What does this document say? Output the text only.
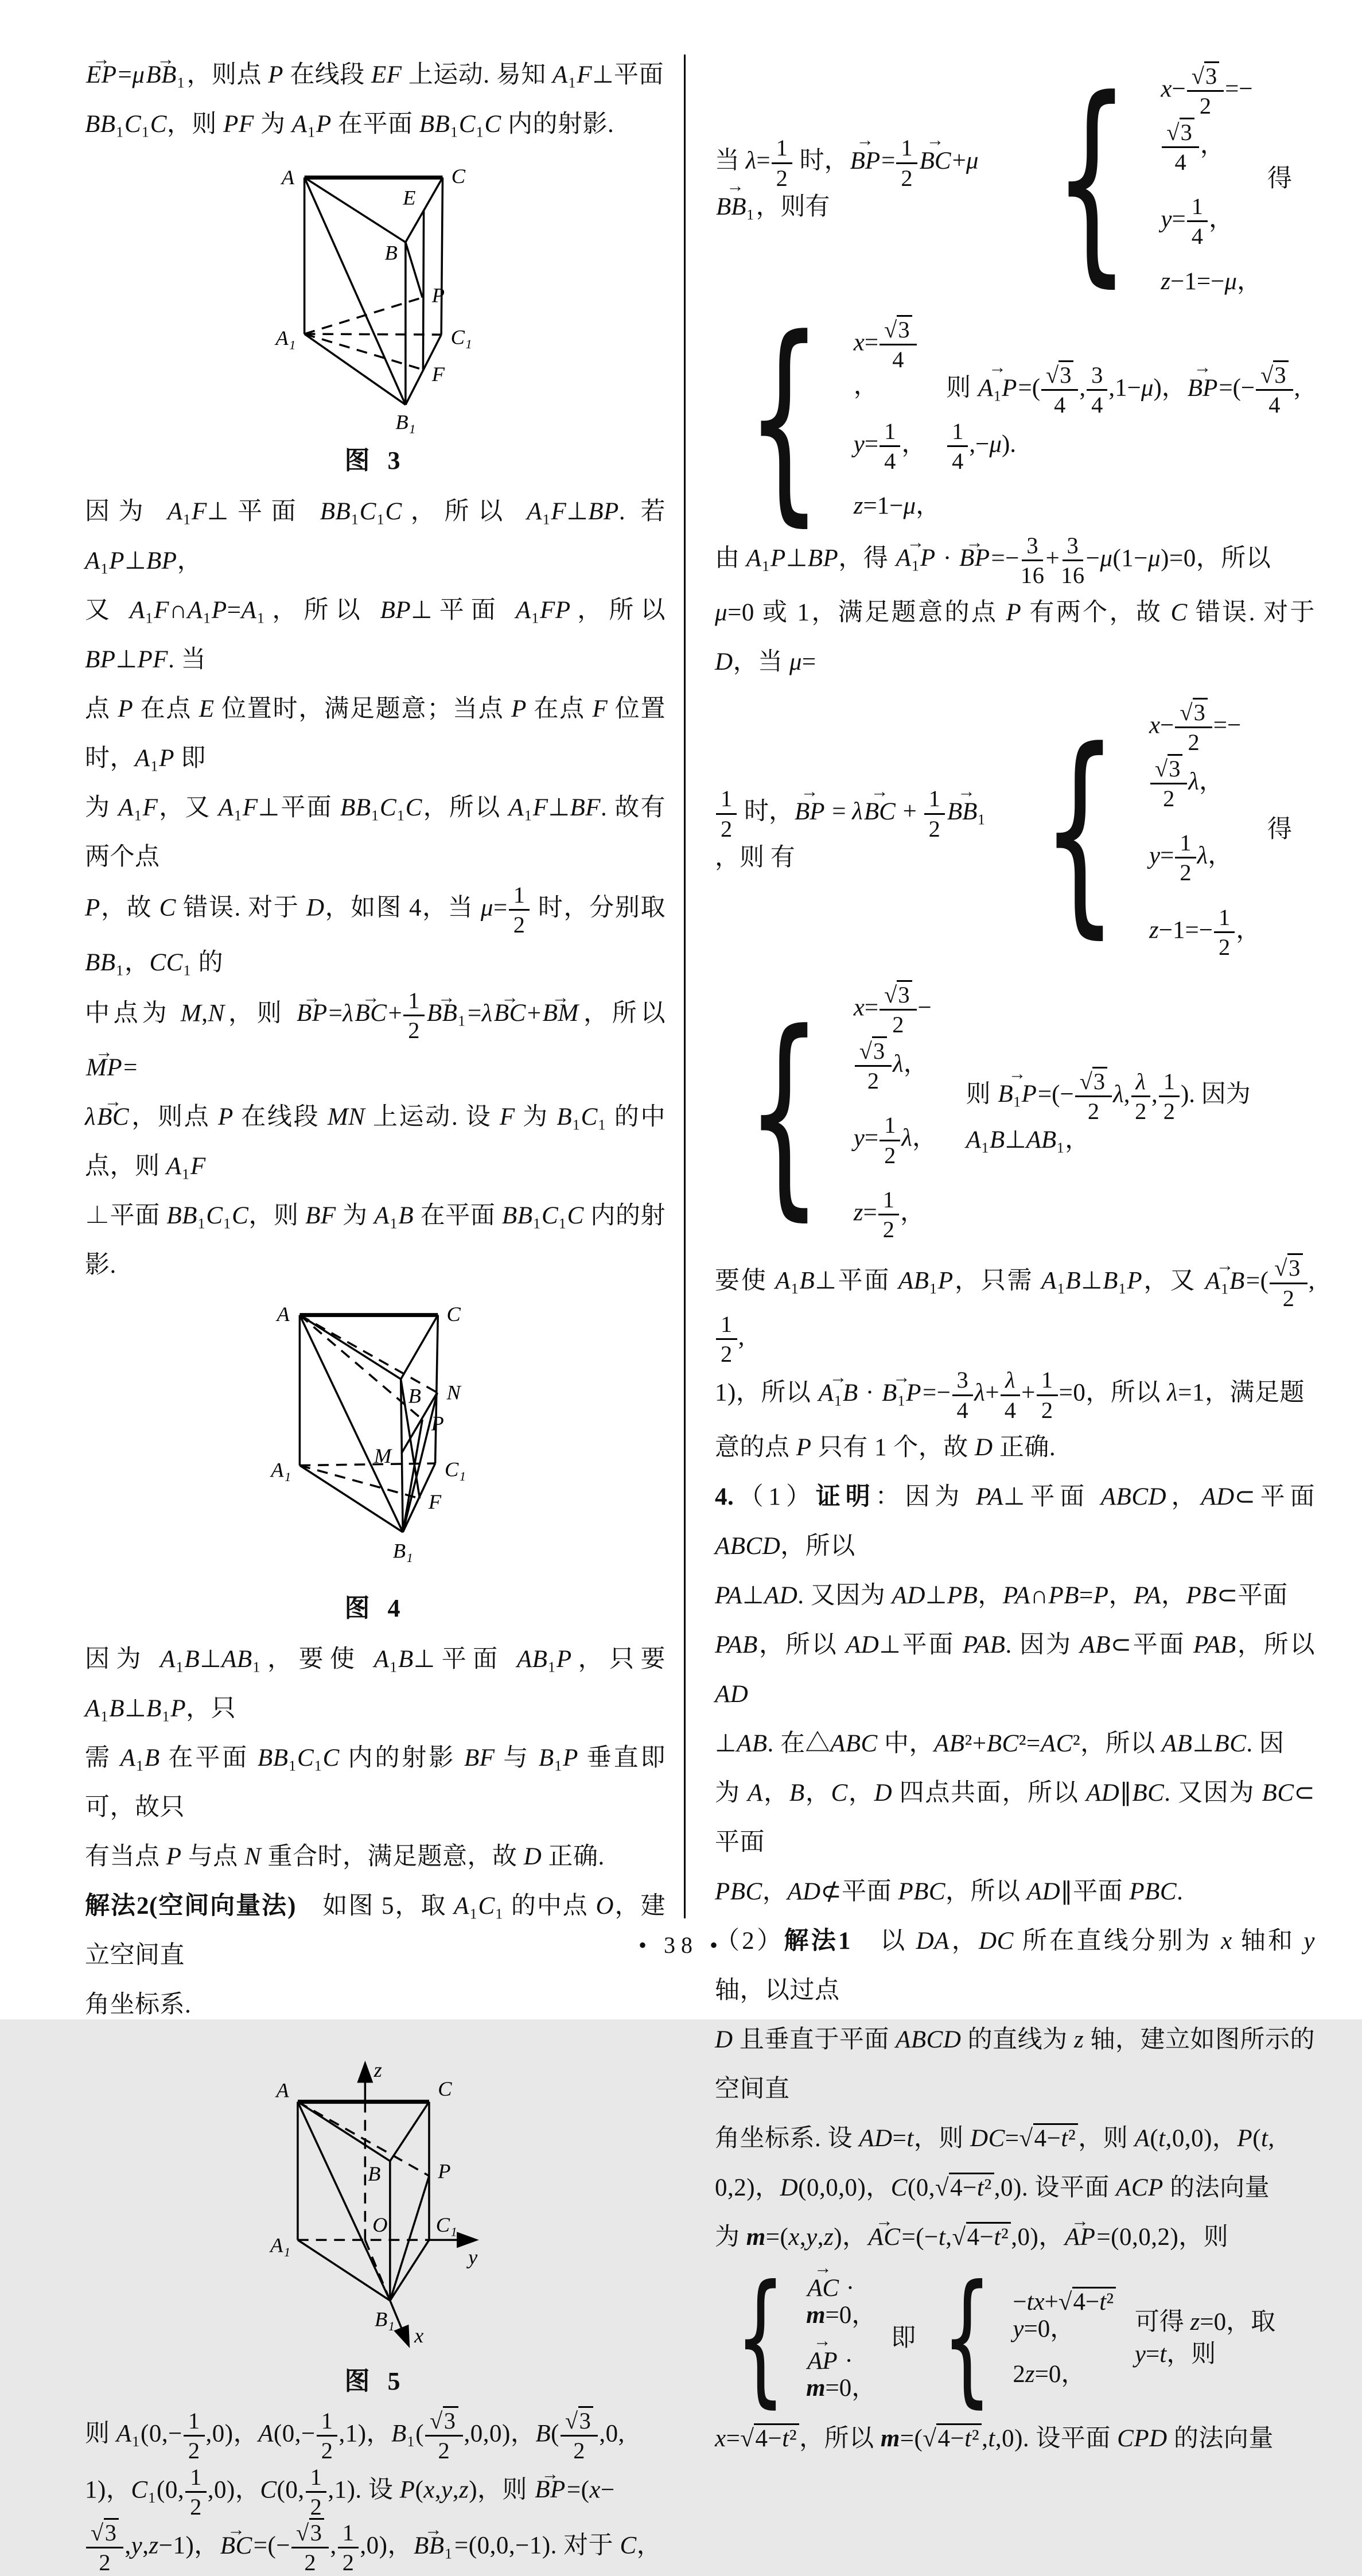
EP →=μBB₁ →，则点 P 在线段 EF 上运动. 易知 A₁F⊥平面
BB₁C₁C，则 PF 为 A₁P 在平面 BB₁C₁C 内的射影.
A	C
E
B
P
A₁	C₁
F
B₁
图 3
因为 A₁F⊥平面 BB₁C₁C，所以 A₁F⊥BP. 若 A₁P⊥BP，
又 A₁F∩A₁P=A₁，所以 BP⊥平面 A₁FP，所以 BP⊥PF. 当
点 P 在点 E 位置时，满足题意；当点 P 在点 F 位置时，A₁P 即
为 A₁F，又 A₁F⊥平面 BB₁C₁C，所以 A₁F⊥BF. 故有两个点
P，故 C 错误. 对于 D，如图 4，当 $\mu= \frac{1}{2}$ 时，分别取 BB₁，CC₁ 的
中点为 M,N，则 BP $\to=\lambda BC \to+ \frac{1}{2} BB_1 \to=\lambda BC \to+BM$ →，所以 MP →=
λBC →，则点 P 在线段 MN 上运动. 设 F 为 B₁C₁ 的中点，则 A₁F
⊥平面 BB₁C₁C，则 BF 为 A₁B 在平面 BB₁C₁C 内的射影.
A	C
B N
P
M
A₁	C₁
F
B₁
图 4
因为 A₁B⊥AB₁，要使 A₁B⊥平面 AB₁P，只要 A₁B⊥B₁P，只
需 A₁B 在平面 BB₁C₁C 内的射影 BF 与 B₁P 垂直即可，故只
有当点 P 与点 N 重合时，满足题意，故 D 正确.
解法2(空间向量法)　如图 5，取 A₁C₁ 的中点 O，建立空间直
角坐标系.
z
A	C
B	P
O
A₁
C₁
y
B₁
x
图 5
则 $A_1(0,- \frac{1}{2} ,0)$，$A(0,- \frac{1}{2} ,1)$，$B_1( \frac{√3}{2} ,0,0)$，$B( \frac{√3}{2} ,0$,
1)，C₁(0, $\frac{1}{2} ,0$)，C(0, $\frac{1}{2} ,1$). 设 P(x,y,z)，则 BP →=(x−
$\frac{√3}{2} ,y,z-1$)，BC →=(− $\frac{√3}{2}$ , $\frac{1}{2} ,0$)，BB₁ →=(0,0,−1). 对于 C，
当 $\lambda= \frac{1}{2}$ 时，BP →= $\frac{1}{2}$ BC →+μBB₁ →，则有	{ $x- \frac{√3}{2}$ =−
$\frac{√3}{4}$ ，
$y= \frac{1}{4}$ ，
z−1=−μ，
得
{ $x= \frac{√3}{4}$
，
$y= \frac{1}{4}$ ，
z=1−μ，
则 A₁P →=( $\frac{√3}{4}$ , $\frac{3}{4} ,1-\mu$)，BP →=(− $\frac{√3}{4}$ ,
$\frac{1}{4} ,-\mu$).
由 A₁P⊥BP，得 A₁P → · BP →=− $\frac{3}{16} + \frac{3}{16} -\mu(1-\mu)=0$，所以
μ=0 或 1，满足题意的点 P 有两个，故 C 错误. 对于 D，当 μ=
$\frac{1}{2}$ 时，BP → = λBC → + $\frac{1}{2} BB_1$ →，则 有	{ $x- \frac{√3}{2}$ =−
$\frac{√3}{2}$ λ，
$y= \frac{1}{2}$ λ，
$z-1=- \frac{1}{2}$ ，
得
{ $x= \frac{√3}{2}$ −
$\frac{√3}{2}$ λ，
$y= \frac{1}{2}$ λ，
$z= \frac{1}{2}$ ，
则 B₁P →=(− $\frac{√3}{2} \lambda$, $\frac{\lambda}{2}$ , $\frac{1}{2}$ ). 因为 A₁B⊥AB₁，
要使 A₁B⊥平面 AB₁P，只需 A₁B⊥B₁P，又 A₁B →=( $\frac{√3}{2}$ ,
$\frac{1}{2}$ ,
1)，所以 A₁B → · B₁P →=− $\frac{3}{4} \lambda+ \frac{\lambda}{4} + \frac{1}{2} =0$，所以 λ=1，满足题
意的点 P 只有 1 个，故 D 正确.
4.（1）证明：因为 PA⊥平面 ABCD，AD⊂平面 ABCD，所以
PA⊥AD. 又因为 AD⊥PB，PA∩PB=P，PA，PB⊂平面
PAB，所以 AD⊥平面 PAB. 因为 AB⊂平面 PAB，所以 AD
⊥AB. 在△ABC 中，AB²+BC²=AC²，所以 AB⊥BC. 因
为 A，B，C，D 四点共面，所以 AD∥BC. 又因为 BC⊂平面
PBC，AD⊄平面 PBC，所以 AD∥平面 PBC.
（2）解法1　以 DA，DC 所在直线分别为 x 轴和 y 轴，以过点
D 且垂直于平面 ABCD 的直线为 z 轴，建立如图所示的空间直
角坐标系. 设 AD=t，则 DC=√4−t²，则 A(t,0,0)，P(t,
0,2)，D(0,0,0)，C(0,√4−t²,0). 设平面 ACP 的法向量
为 m=(x,y,z)，AC →=(−t,√4−t²,0)，AP →=(0,0,2)，则
{ AC → · m=0，
AP → · m=0，
即 { −tx+√4−t² y=0，
2z=0，
可得 z=0，取 y=t，则
x=√4−t²，所以 m=(√4−t²,t,0). 设平面 CPD 的法向量
• 38 •
